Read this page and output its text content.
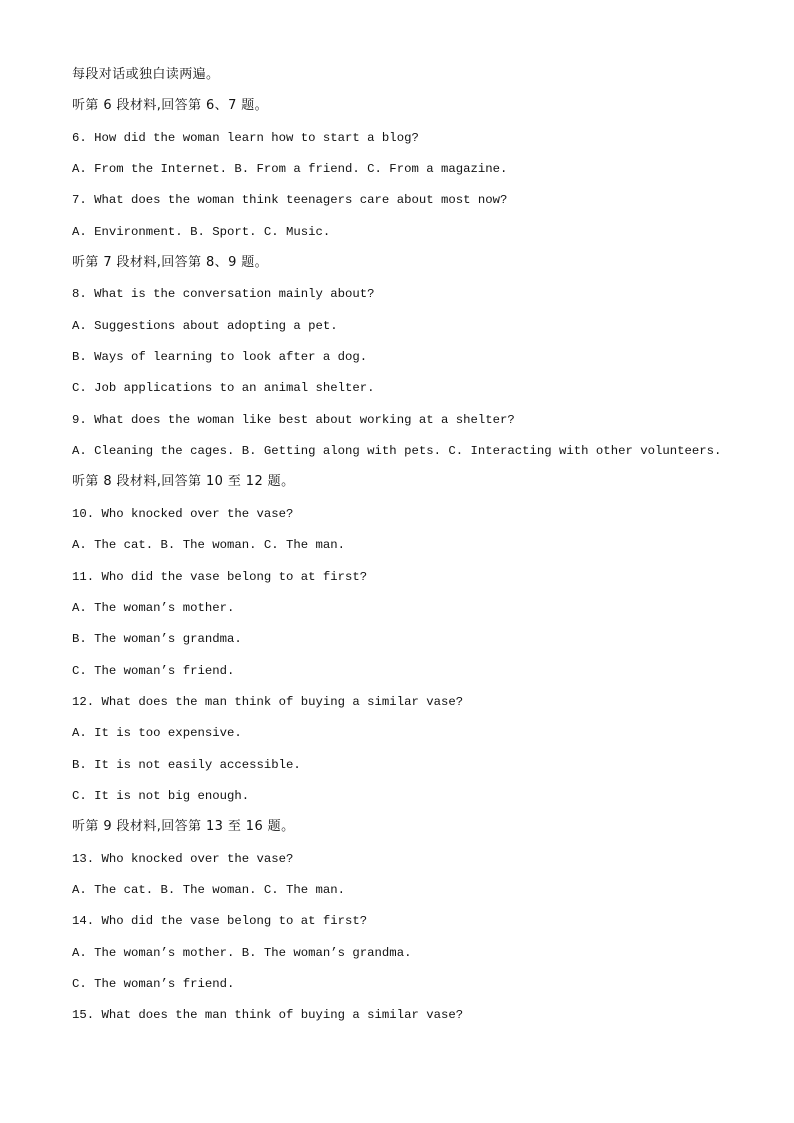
每段对话或独白读两遍。
听第 6 段材料,回答第 6、7 题。
6. How did the woman learn how to start a blog?
A. From the Internet. B. From a friend. C. From a magazine.
7. What does the woman think teenagers care about most now?
A. Environment. B. Sport. C. Music.
听第 7 段材料,回答第 8、9 题。
8. What is the conversation mainly about?
A. Suggestions about adopting a pet.
B. Ways of learning to look after a dog.
C. Job applications to an animal shelter.
9. What does the woman like best about working at a shelter?
A. Cleaning the cages. B. Getting along with pets. C. Interacting with other volunteers.
听第 8 段材料,回答第 10 至 12 题。
10. Who knocked over the vase?
A. The cat. B. The woman. C. The man.
11. Who did the vase belong to at first?
A. The woman’s mother.
B. The woman’s grandma.
C. The woman’s friend.
12. What does the man think of buying a similar vase?
A. It is too expensive.
B. It is not easily accessible.
C. It is not big enough.
听第 9 段材料,回答第 13 至 16 题。
13. Who knocked over the vase?
A. The cat. B. The woman. C. The man.
14. Who did the vase belong to at first?
A. The woman’s mother. B. The woman’s grandma.
C. The woman’s friend.
15. What does the man think of buying a similar vase?
